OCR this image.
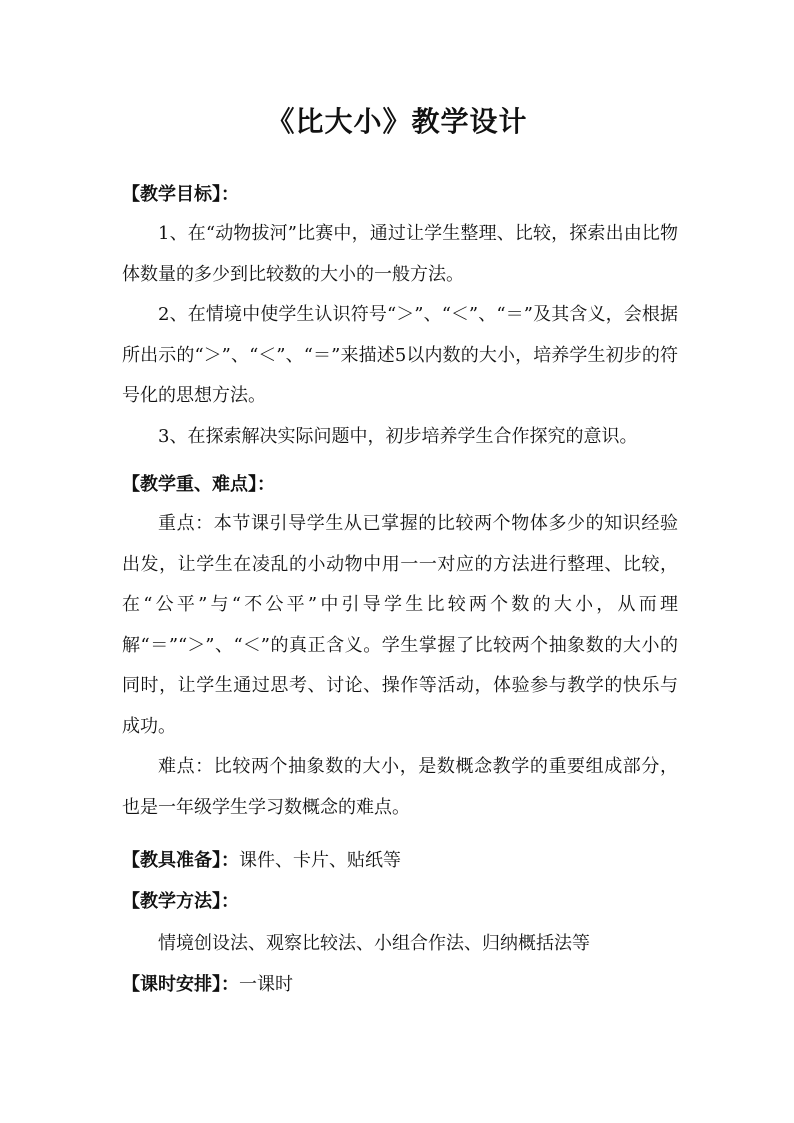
《比大小》教学设计
【教学目标】：
1、在“动物拔河”比赛中，通过让学生整理、比较，探索出由比物体数量的多少到比较数的大小的一般方法。
2、在情境中使学生认识符号“＞”、“＜”、“＝”及其含义，会根据所出示的“＞”、“＜”、“＝”来描述5以内数的大小，培养学生初步的符号化的思想方法。
3、在探索解决实际问题中，初步培养学生合作探究的意识。
【教学重、难点】：
重点：本节课引导学生从已掌握的比较两个物体多少的知识经验出发，让学生在凌乱的小动物中用一一对应的方法进行整理、比较，在“公平”与“不公平”中引导学生比较两个数的大小，从而理解“＝”“＞”、“＜”的真正含义。学生掌握了比较两个抽象数的大小的同时，让学生通过思考、讨论、操作等活动，体验参与教学的快乐与成功。
难点：比较两个抽象数的大小，是数概念教学的重要组成部分，也是一年级学生学习数概念的难点。
【教具准备】：课件、卡片、贴纸等
【教学方法】：
情境创设法、观察比较法、小组合作法、归纳概括法等
【课时安排】：一课时
